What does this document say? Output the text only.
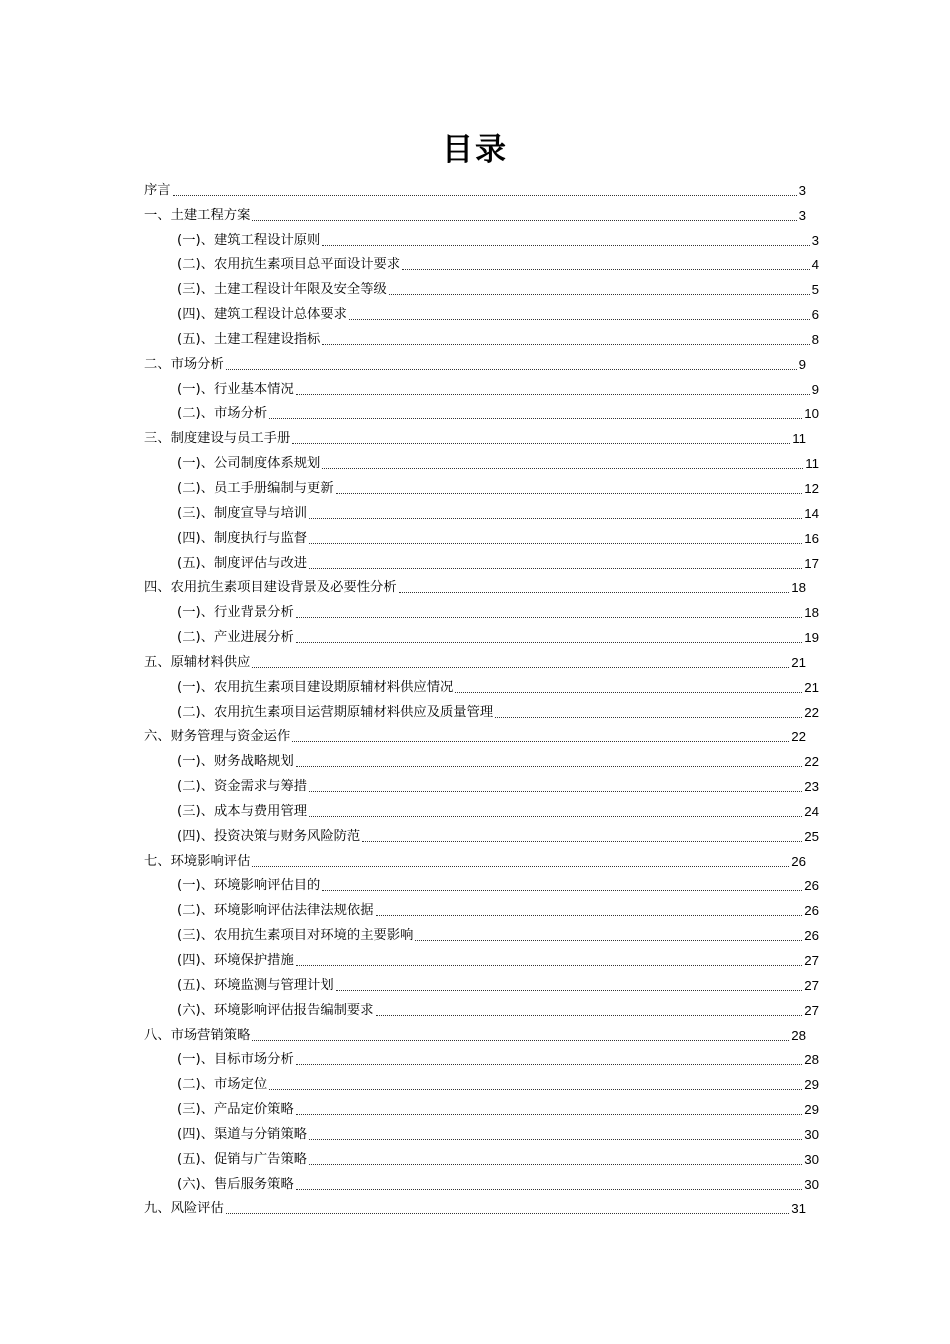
目录
序言	3
一、土建工程方案	3
(一)、建筑工程设计原则	3
(二)、农用抗生素项目总平面设计要求	4
(三)、土建工程设计年限及安全等级	5
(四)、建筑工程设计总体要求	6
(五)、土建工程建设指标	8
二、市场分析	9
(一)、行业基本情况	9
(二)、市场分析	10
三、制度建设与员工手册	11
(一)、公司制度体系规划	11
(二)、员工手册编制与更新	12
(三)、制度宣导与培训	14
(四)、制度执行与监督	16
(五)、制度评估与改进	17
四、农用抗生素项目建设背景及必要性分析	18
(一)、行业背景分析	18
(二)、产业进展分析	19
五、原辅材料供应	21
(一)、农用抗生素项目建设期原辅材料供应情况	21
(二)、农用抗生素项目运营期原辅材料供应及质量管理	22
六、财务管理与资金运作	22
(一)、财务战略规划	22
(二)、资金需求与筹措	23
(三)、成本与费用管理	24
(四)、投资决策与财务风险防范	25
七、环境影响评估	26
(一)、环境影响评估目的	26
(二)、环境影响评估法律法规依据	26
(三)、农用抗生素项目对环境的主要影响	26
(四)、环境保护措施	27
(五)、环境监测与管理计划	27
(六)、环境影响评估报告编制要求	27
八、市场营销策略	28
(一)、目标市场分析	28
(二)、市场定位	29
(三)、产品定价策略	29
(四)、渠道与分销策略	30
(五)、促销与广告策略	30
(六)、售后服务策略	30
九、风险评估	31
